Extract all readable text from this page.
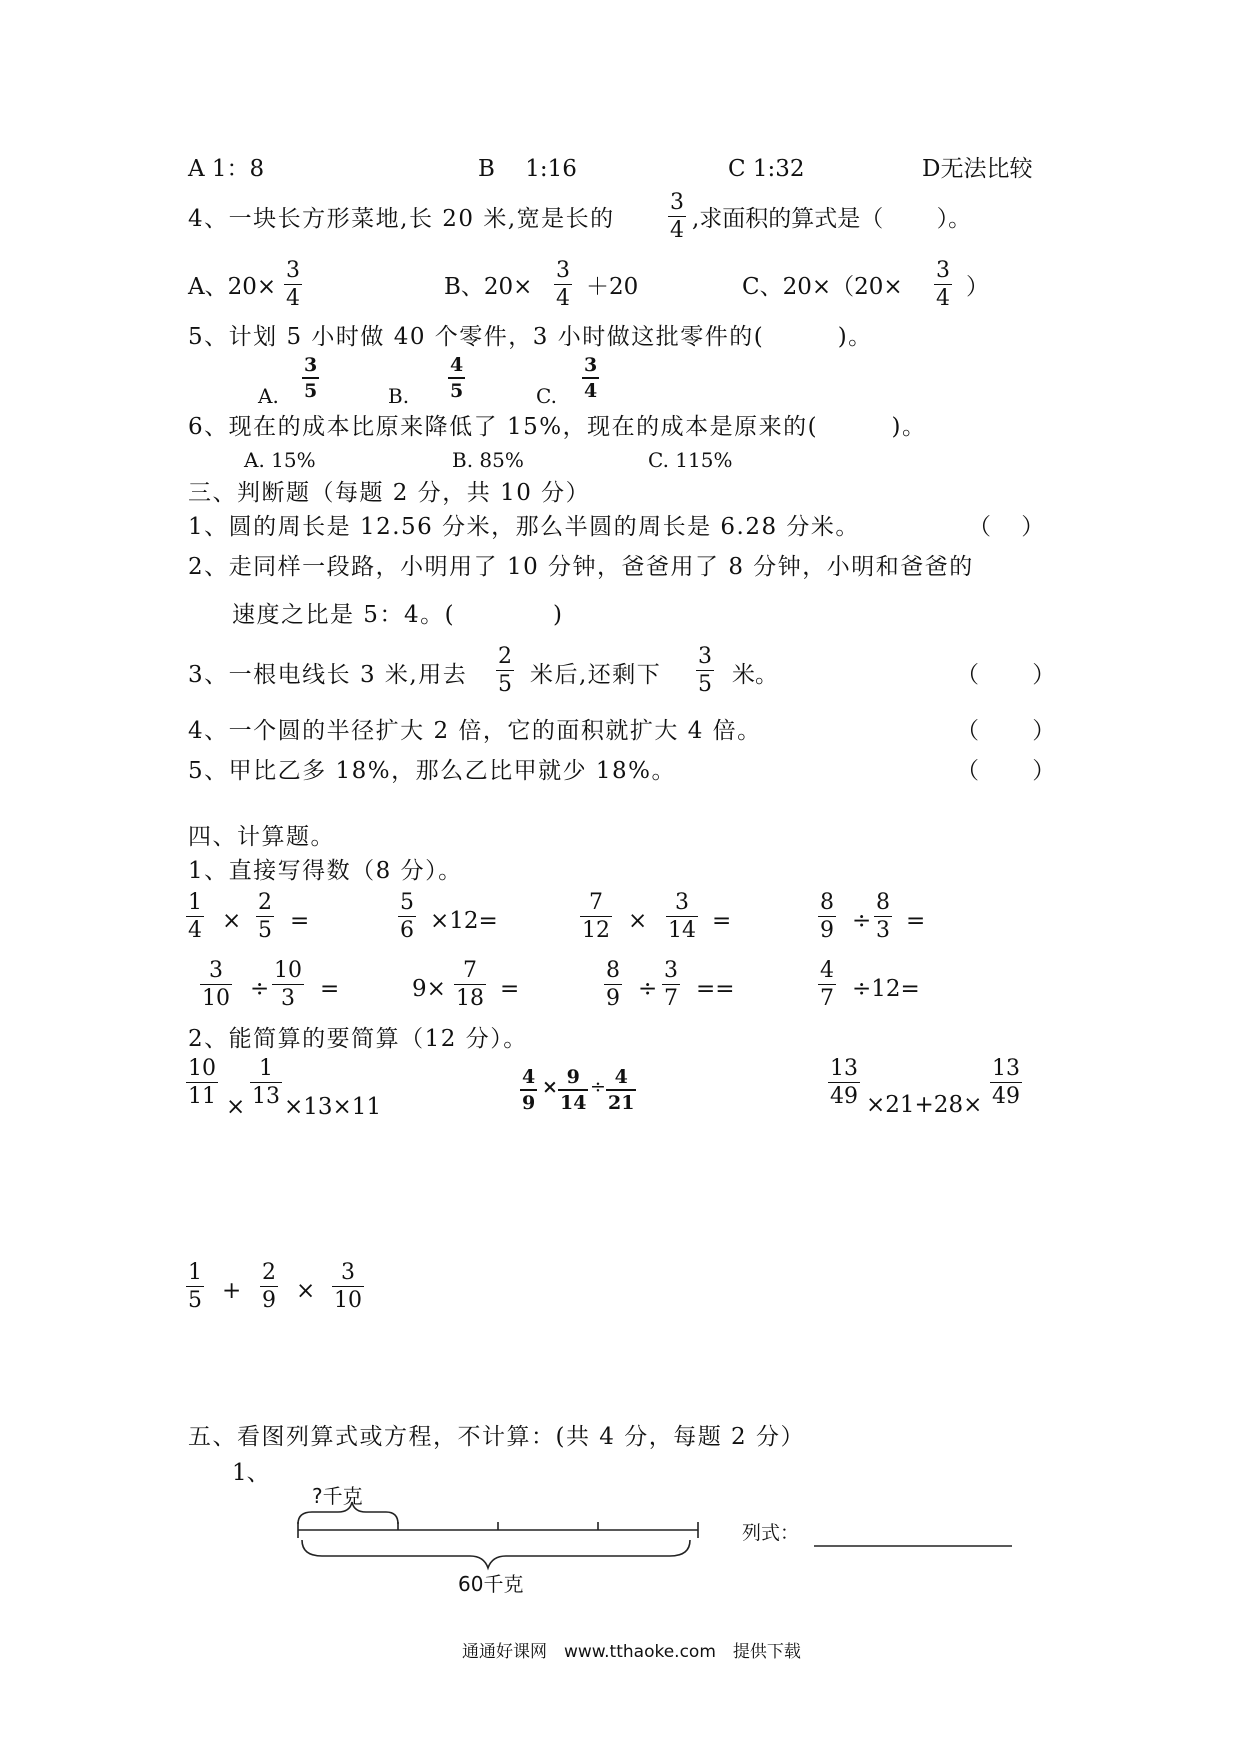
A 1：8	B　 1:16	C 1:32	D无法比较
4、一块长方形菜地,长 20 米,宽是长的 $\frac{3}{4}$ ,求面积的算式是（　　 ）。
A、$20\times \frac{3}{4}$	B、$20\times \frac{3}{4} +20$	C、$20\times(20\times \frac{3}{4}$ ）
5、计划 5 小时做 40 个零件，3 小时做这批零件的(　　　)。
A. $\frac{3}{5}$	B. $\frac{4}{5}$	C. $\frac{3}{4}$
6、现在的成本比原来降低了 15%，现在的成本是原来的(　　　)。
A. 15%	B. 85%	C. 115%
三、判断题（每题 2 分，共 10 分）
1、圆的周长是 12.56 分米，那么半圆的周长是 6.28 分米。	（　 ）
2、走同样一段路，小明用了 10 分钟，爸爸用了 8 分钟，小明和爸爸的
速度之比是 5：4。(　　　　)
3、一根电线长 3 米,用去 $\frac{2}{5}$ 米后,还剩下 $\frac{3}{5}$ 米。	（　　 ）
4、一个圆的半径扩大 2 倍，它的面积就扩大 4 倍。	（　　 ）
5、甲比乙多 18%，那么乙比甲就少 18%。	（　　 ）
四、计算题。
1、直接写得数（8 分）。
$\frac{1}{4} \times \frac{2}{5}$ =	$\frac{5}{6} \times 12=$	$\frac{7}{12} \times \frac{3}{14}$ =	$\frac{8}{9} \div \frac{8}{3}$ =
$\frac{3}{10} \div \frac{10}{3}$ =	$9\times \frac{7}{18}$ =	$\frac{8}{9} \div \frac{3}{7}$ ==	$\frac{4}{7} \div 12=$
2、能简算的要简算（12 分）。
$\frac{10}{11} \times \frac{1}{13} \times 13\times 11$	$\frac{4}{9} \times \frac{9}{14} \div \frac{4}{21}$	$\frac{13}{49} \times 21+28\times \frac{13}{49}$
$\frac{1}{5} + \frac{2}{9} \times \frac{3}{10}$
五、看图列算式或方程，不计算：(共 4 分，每题 2 分）
1、
?千克
60千克
列式：
通通好课网　www.tthaoke.com　提供下载
